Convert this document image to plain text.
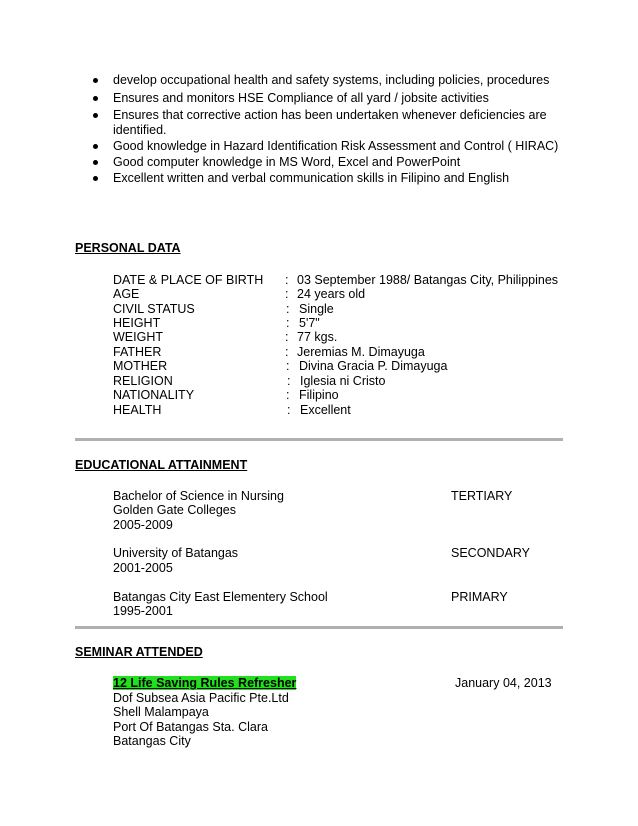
develop occupational health and safety systems, including policies, procedures
Ensures and monitors HSE Compliance of all yard / jobsite activities
Ensures that corrective action has been undertaken whenever deficiencies are
identified.
Good knowledge in Hazard Identification Risk Assessment and Control ( HIRAC)
Good computer knowledge in MS Word, Excel and PowerPoint
Excellent written and verbal communication skills in Filipino and English
PERSONAL DATA
DATE & PLACE OF BIRTH : 03 September 1988/ Batangas City, Philippines
AGE	: 24 years old
CIVIL STATUS	: Single
HEIGHT	: 5'7"
WEIGHT	: 77 kgs.
FATHER	: Jeremias M. Dimayuga
MOTHER	: Divina Gracia P. Dimayuga
RELIGION	: Iglesia ni Cristo
NATIONALITY	: Filipino
HEALTH	: Excellent
EDUCATIONAL ATTAINMENT
Bachelor of Science in Nursing	TERTIARY
Golden Gate Colleges
2005-2009
University of Batangas	SECONDARY
2001-2005
Batangas City East Elementery School	PRIMARY
1995-2001
SEMINAR ATTENDED
12 Life Saving Rules Refresher	January 04, 2013
Dof Subsea Asia Pacific Pte.Ltd
Shell Malampaya
Port Of Batangas Sta. Clara
Batangas City
